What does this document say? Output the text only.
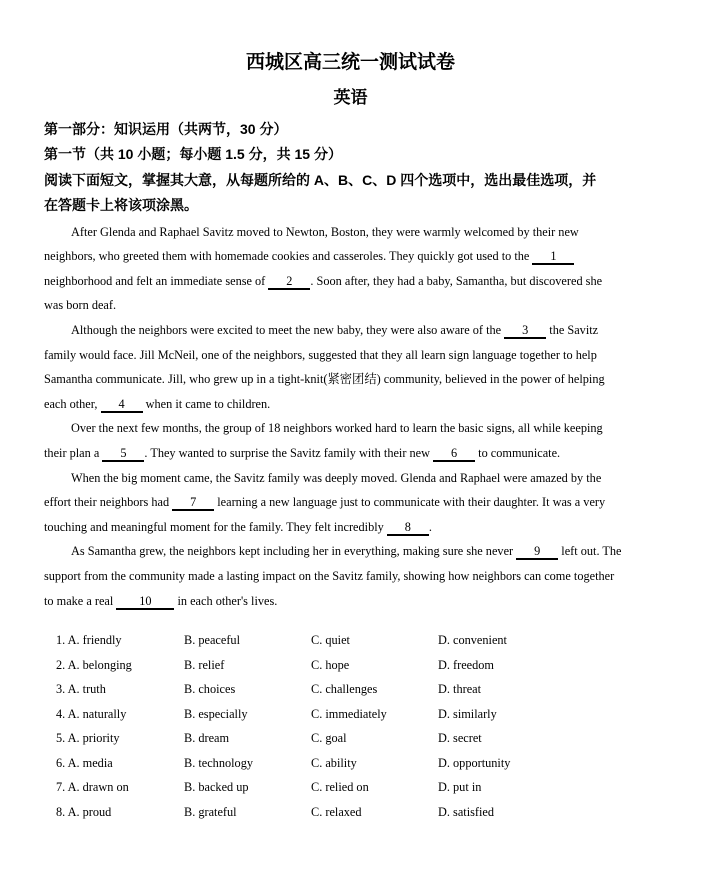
西城区高三统一测试试卷
英语

第一部分：知识运用（共两节，30 分）

第一节（共 10 小题；每小题 1.5 分，共 15 分）

阅读下面短文，掌握其大意，从每题所给的 A、B、C、D 四个选项中，选出最佳选项，并在答题卡上将该项涂黑。

After Glenda and Raphael Savitz moved to Newton, Boston, they were warmly welcomed by their new neighbors, who greeted them with homemade cookies and casseroles. They quickly got used to the 1 neighborhood and felt an immediate sense of 2 . Soon after, they had a baby, Samantha, but discovered she was born deaf.

Although the neighbors were excited to meet the new baby, they were also aware of the 3 the Savitz family would face. Jill McNeil, one of the neighbors, suggested that they all learn sign language together to help Samantha communicate. Jill, who grew up in a tight-knit(紧密团结) community, believed in the power of helping each other, 4 when it came to children.

Over the next few months, the group of 18 neighbors worked hard to learn the basic signs, all while keeping their plan a 5 . They wanted to surprise the Savitz family with their new 6 to communicate.

When the big moment came, the Savitz family was deeply moved. Glenda and Raphael were amazed by the effort their neighbors had 7 learning a new language just to communicate with their daughter. It was a very touching and meaningful moment for the family. They felt incredibly 8 .

As Samantha grew, the neighbors kept including her in everything, making sure she never 9 left out. The support from the community made a lasting impact on the Savitz family, showing how neighbors can come together to make a real 10 in each other's lives.

1. A. friendly	B. peaceful	C. quiet	D. convenient
2. A. belonging	B. relief	C. hope	D. freedom
3. A. truth	B. choices	C. challenges	D. threat
4. A. naturally	B. especially	C. immediately	D. similarly
5. A. priority	B. dream	C. goal	D. secret
6. A. media	B. technology	C. ability	D. opportunity
7. A. drawn on	B. backed up	C. relied on	D. put in
8. A. proud	B. grateful	C. relaxed	D. satisfied
